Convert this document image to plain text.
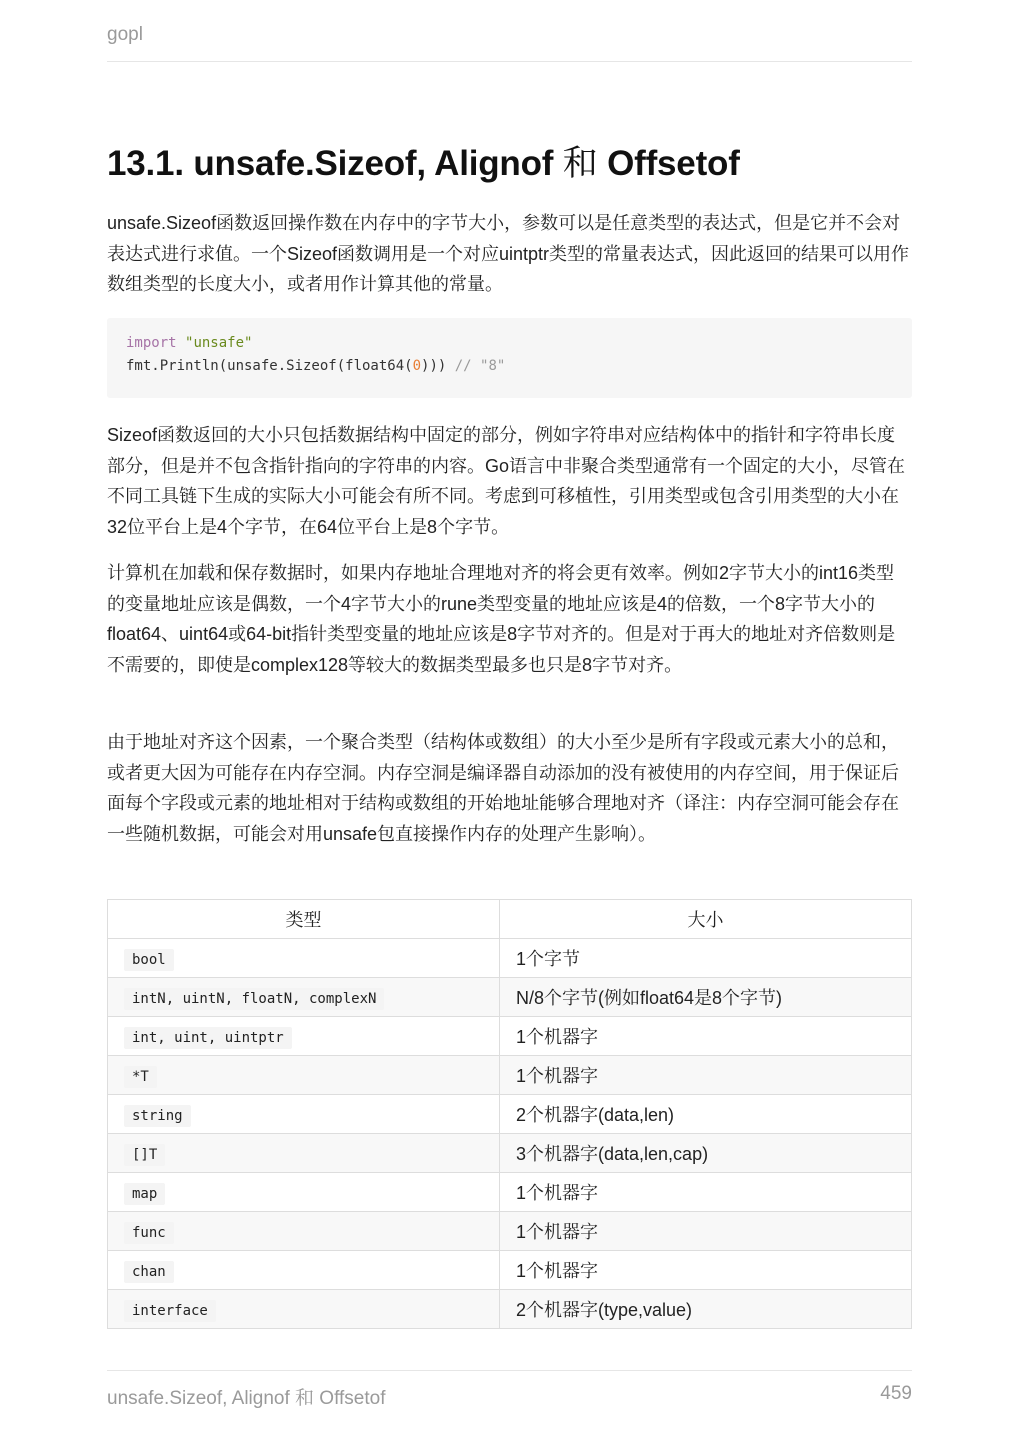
gopl
13.1. unsafe.Sizeof, Alignof 和 Offsetof

unsafe.Sizeof函数返回操作数在内存中的字节大小，参数可以是任意类型的表达式，但是它并不会对表达式进行求值。一个Sizeof函数调用是一个对应uintptr类型的常量表达式，因此返回的结果可以用作数组类型的长度大小，或者用作计算其他的常量。

import "unsafe"
fmt.Println(unsafe.Sizeof(float64(0))) // "8"

Sizeof函数返回的大小只包括数据结构中固定的部分，例如字符串对应结构体中的指针和字符串长度部分，但是并不包含指针指向的字符串的内容。Go语言中非聚合类型通常有一个固定的大小，尽管在不同工具链下生成的实际大小可能会有所不同。考虑到可移植性，引用类型或包含引用类型的大小在32位平台上是4个字节，在64位平台上是8个字节。

计算机在加载和保存数据时，如果内存地址合理地对齐的将会更有效率。例如2字节大小的int16类型的变量地址应该是偶数，一个4字节大小的rune类型变量的地址应该是4的倍数，一个8字节大小的float64、uint64或64-bit指针类型变量的地址应该是8字节对齐的。但是对于再大的地址对齐倍数则是不需要的，即使是complex128等较大的数据类型最多也只是8字节对齐。

由于地址对齐这个因素，一个聚合类型（结构体或数组）的大小至少是所有字段或元素大小的总和，或者更大因为可能存在内存空洞。内存空洞是编译器自动添加的没有被使用的内存空间，用于保证后面每个字段或元素的地址相对于结构或数组的开始地址能够合理地对齐（译注：内存空洞可能会存在一些随机数据，可能会对用unsafe包直接操作内存的处理产生影响）。

类型	大小
bool	1个字节
intN, uintN, floatN, complexN	N/8个字节(例如float64是8个字节)
int, uint, uintptr	1个机器字
*T	1个机器字
string	2个机器字(data,len)
[]T	3个机器字(data,len,cap)
map	1个机器字
func	1个机器字
chan	1个机器字
interface	2个机器字(type,value)
unsafe.Sizeof, Alignof 和 Offsetof	459
